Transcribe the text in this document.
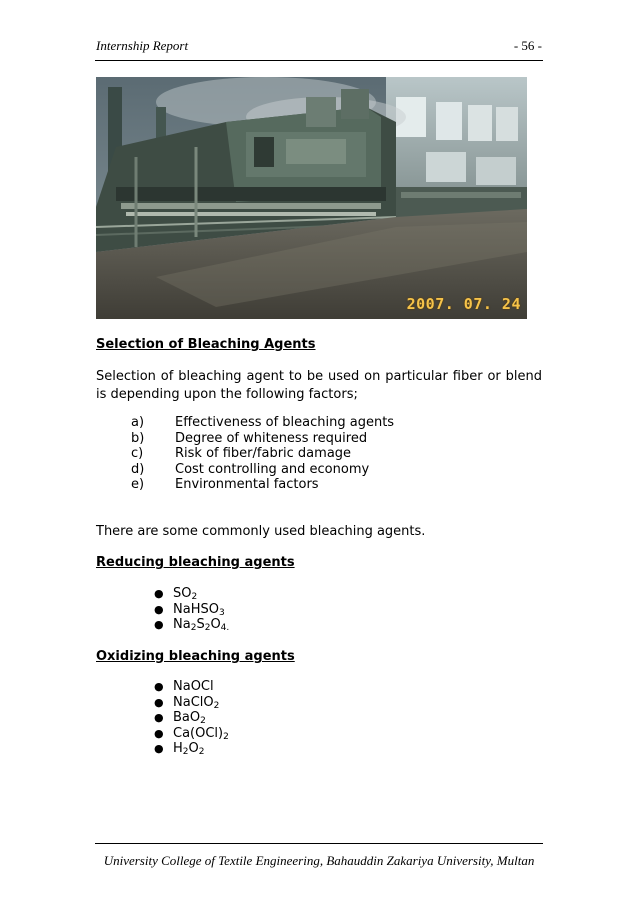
Internship Report	- 56 -
2007. 07. 24
Selection of Bleaching Agents
Selection of bleaching agent to be used on particular fiber or blend is depending upon the following factors;
a) Effectiveness of bleaching agents
b) Degree of whiteness required
c) Risk of fiber/fabric damage
d) Cost controlling and economy
e) Environmental factors
There are some commonly used bleaching agents.
Reducing bleaching agents
● $SO_2$
● NaHSO$_3$
● $Na_2S_2O_{4.}$
Oxidizing bleaching agents
● NaOCl
● NaClO$_2$
● BaO$_2$
● $Ca(OCl)_2$
● $H_2O_2$
University College of Textile Engineering, Bahauddin Zakariya University, Multan
